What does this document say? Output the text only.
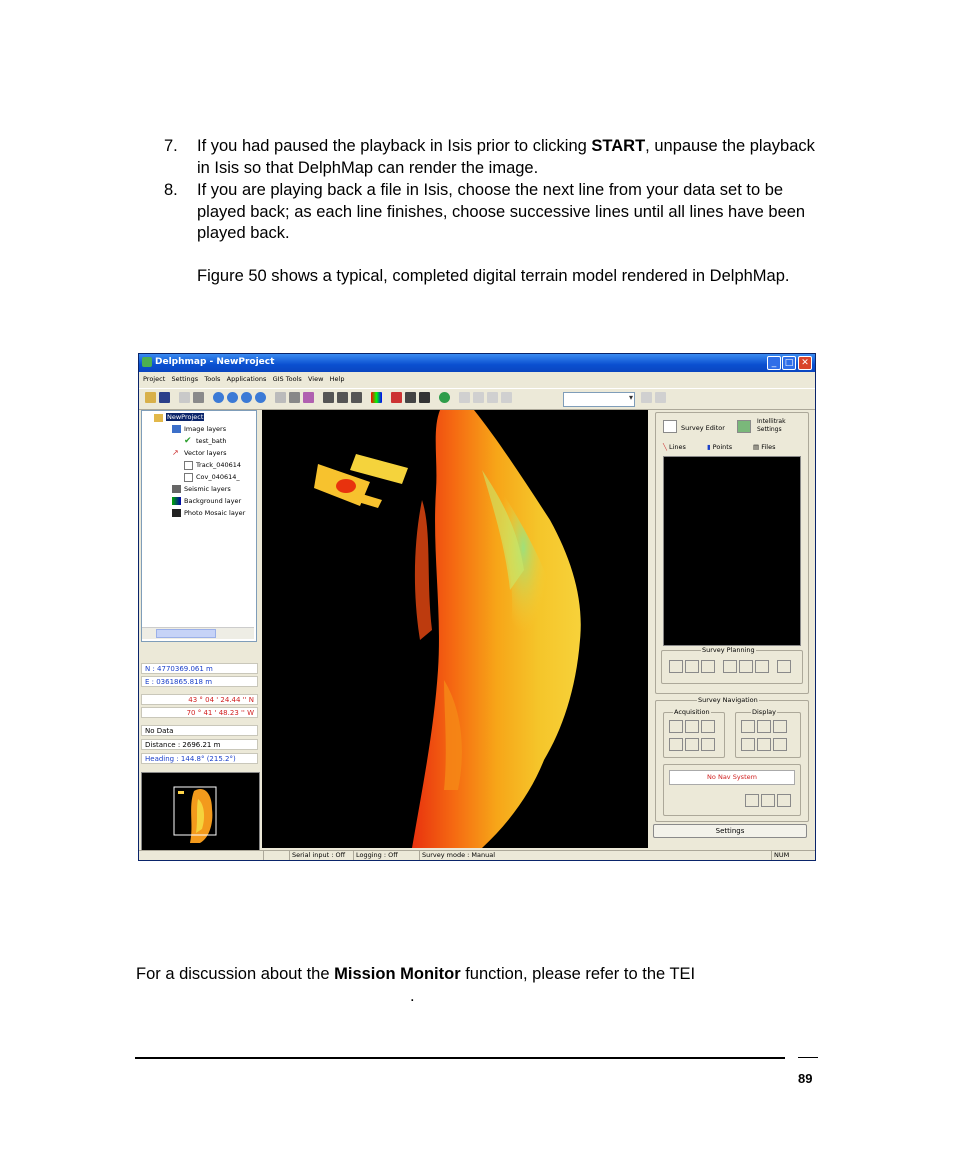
7. If you had paused the playback in Isis prior to clicking START, unpause the playback in Isis so that DelphMap can render the image.
8. If you are playing back a file in Isis, choose the next line from your data set to be played back; as each line finishes, choose successive lines until all lines have been played back.
Figure 50 shows a typical, completed digital terrain model rendered in DelphMap.
Delphmap - NewProject	_ □ ✕
Project Settings Tools Applications GIS Tools View Help
▾
NewProject
Image layers
✔ test_bath
↗ Vector layers
Track_040614
Cov_040614_
Seismic layers
Background layer
Photo Mosaic layer
N : 4770369.061 m
E : 0361865.818 m
43 ° 04 ' 24.44 '' N
70 ° 41 ' 48.23 '' W
No Data
Distance : 2696.21 m
Heading : 144.8° (215.2°)
Survey Editor
Intellitrak
Settings
╲ Lines	▮ Points	▤ Files
Survey Planning
Survey Navigation
Acquisition	Display
No Nav System
Settings
Serial input : Off	Logging : Off	Survey mode : Manual	NUM
For a discussion about the Mission Monitor function, please refer to the TEI
.
89
